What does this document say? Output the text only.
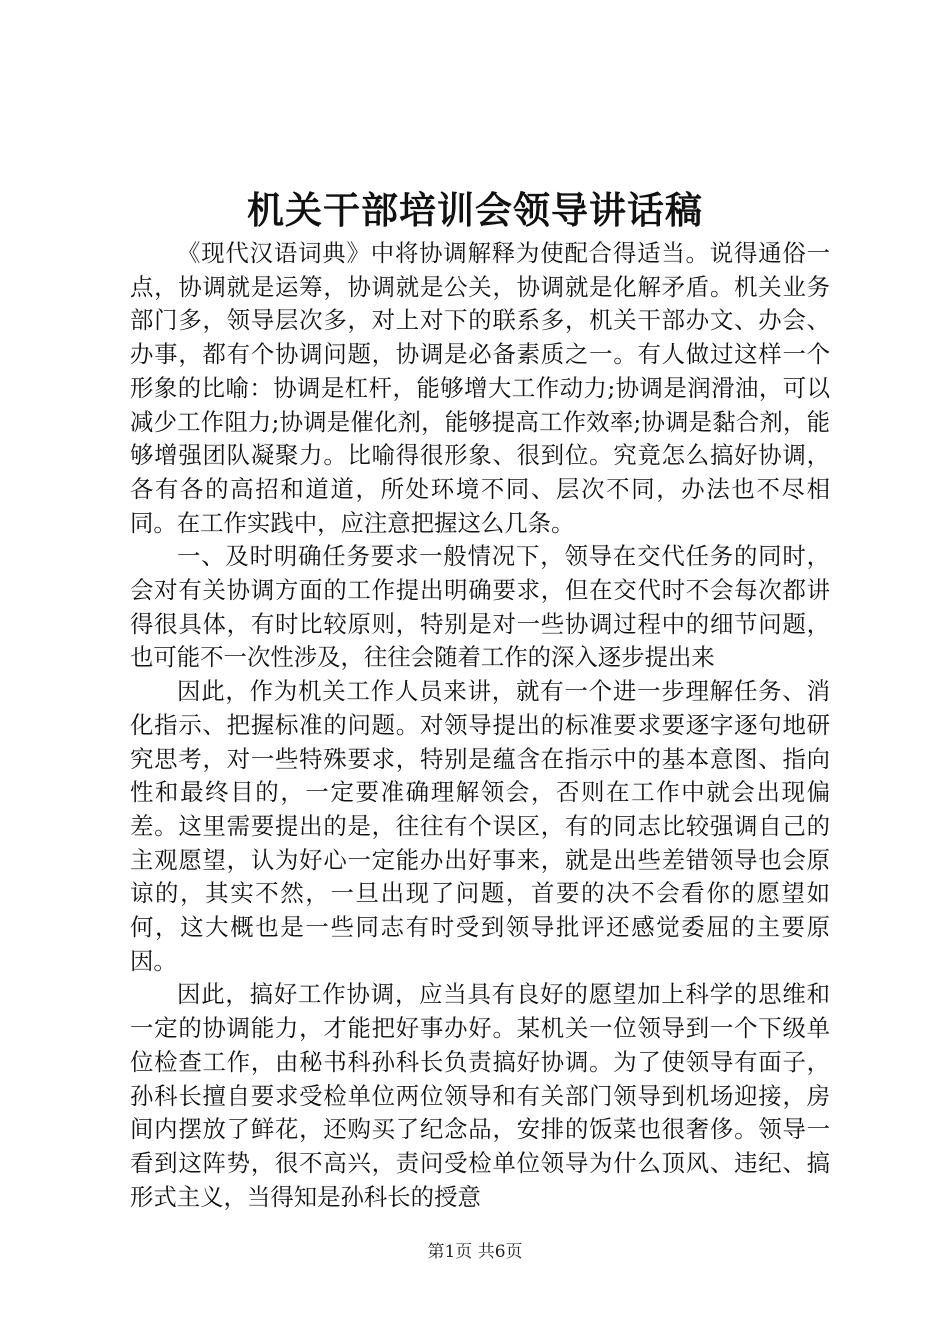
机关干部培训会领导讲话稿

《现代汉语词典》中将协调解释为使配合得适当。说得通俗一点，协调就是运筹，协调就是公关，协调就是化解矛盾。机关业务部门多，领导层次多，对上对下的联系多，机关干部办文、办会、办事，都有个协调问题，协调是必备素质之一。有人做过这样一个形象的比喻：协调是杠杆，能够增大工作动力;协调是润滑油，可以减少工作阻力;协调是催化剂，能够提高工作效率;协调是黏合剂，能够增强团队凝聚力。比喻得很形象、很到位。究竟怎么搞好协调，各有各的高招和道道，所处环境不同、层次不同，办法也不尽相同。在工作实践中，应注意把握这么几条。

一、及时明确任务要求一般情况下，领导在交代任务的同时，会对有关协调方面的工作提出明确要求，但在交代时不会每次都讲得很具体，有时比较原则，特别是对一些协调过程中的细节问题，也可能不一次性涉及，往往会随着工作的深入逐步提出来

因此，作为机关工作人员来讲，就有一个进一步理解任务、消化指示、把握标准的问题。对领导提出的标准要求要逐字逐句地研究思考，对一些特殊要求，特别是蕴含在指示中的基本意图、指向性和最终目的，一定要准确理解领会，否则在工作中就会出现偏差。这里需要提出的是，往往有个误区，有的同志比较强调自己的主观愿望，认为好心一定能办出好事来，就是出些差错领导也会原谅的，其实不然，一旦出现了问题，首要的决不会看你的愿望如何，这大概也是一些同志有时受到领导批评还感觉委屈的主要原因。

因此，搞好工作协调，应当具有良好的愿望加上科学的思维和一定的协调能力，才能把好事办好。某机关一位领导到一个下级单位检查工作，由秘书科孙科长负责搞好协调。为了使领导有面子，孙科长擅自要求受检单位两位领导和有关部门领导到机场迎接，房间内摆放了鲜花，还购买了纪念品，安排的饭菜也很奢侈。领导一看到这阵势，很不高兴，责问受检单位领导为什么顶风、违纪、搞形式主义，当得知是孙科长的授意

第1页 共6页
